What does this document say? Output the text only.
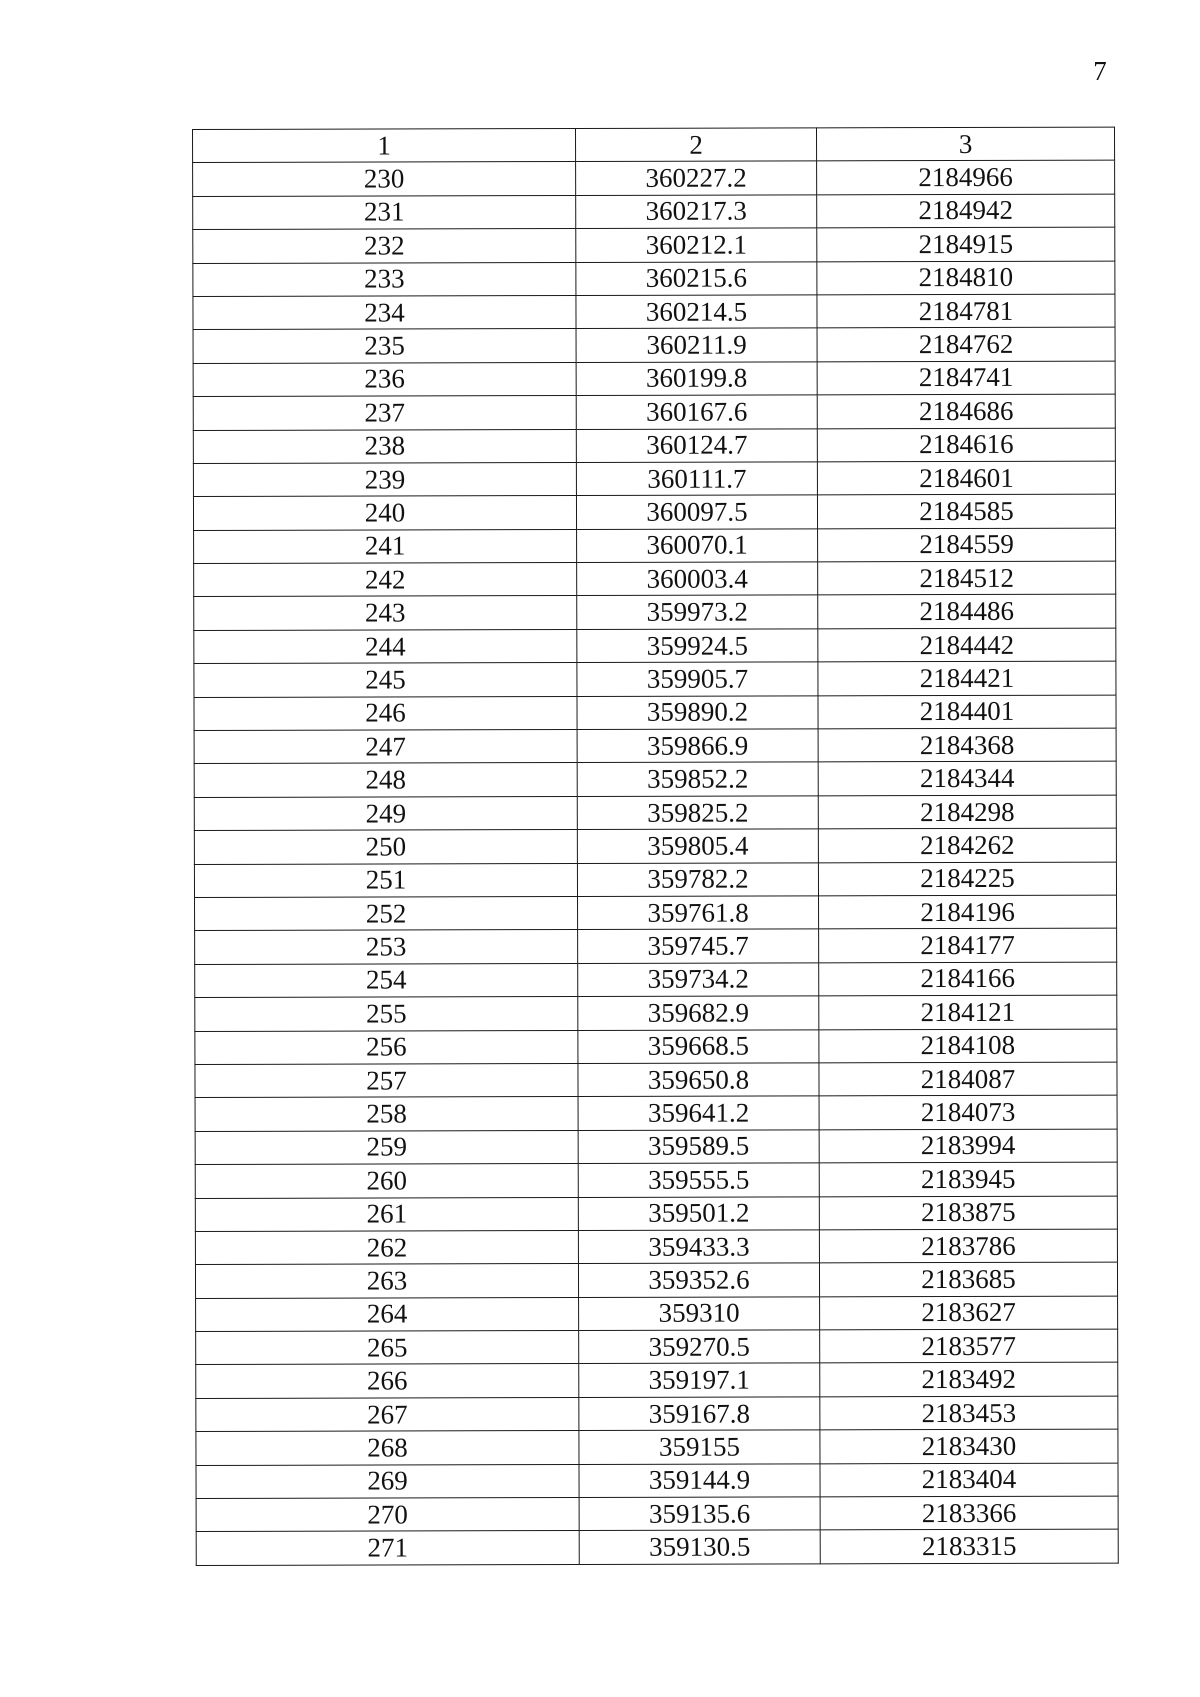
7
1	2	3
230	360227.2	2184966
231	360217.3	2184942
232	360212.1	2184915
233	360215.6	2184810
234	360214.5	2184781
235	360211.9	2184762
236	360199.8	2184741
237	360167.6	2184686
238	360124.7	2184616
239	360111.7	2184601
240	360097.5	2184585
241	360070.1	2184559
242	360003.4	2184512
243	359973.2	2184486
244	359924.5	2184442
245	359905.7	2184421
246	359890.2	2184401
247	359866.9	2184368
248	359852.2	2184344
249	359825.2	2184298
250	359805.4	2184262
251	359782.2	2184225
252	359761.8	2184196
253	359745.7	2184177
254	359734.2	2184166
255	359682.9	2184121
256	359668.5	2184108
257	359650.8	2184087
258	359641.2	2184073
259	359589.5	2183994
260	359555.5	2183945
261	359501.2	2183875
262	359433.3	2183786
263	359352.6	2183685
264	359310	2183627
265	359270.5	2183577
266	359197.1	2183492
267	359167.8	2183453
268	359155	2183430
269	359144.9	2183404
270	359135.6	2183366
271	359130.5	2183315
